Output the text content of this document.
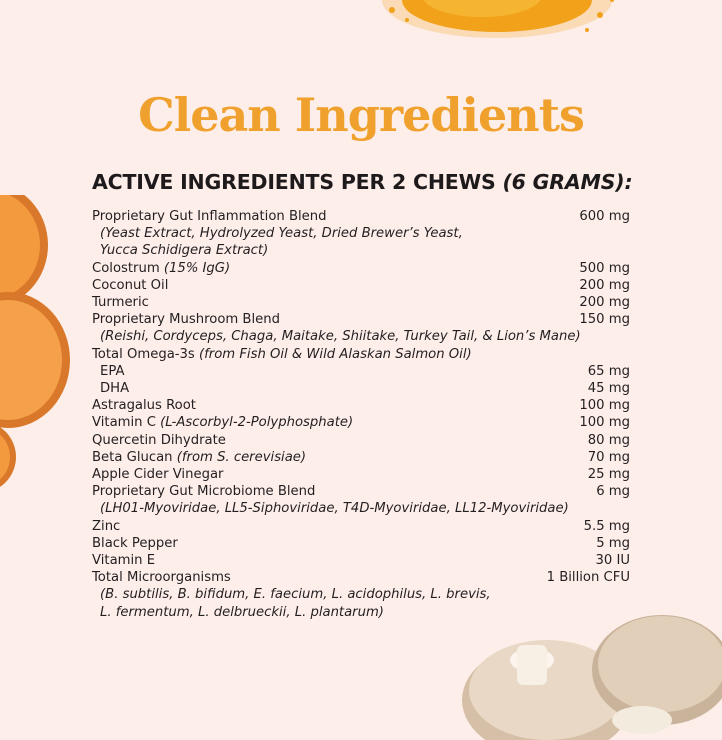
Clean Ingredients
ACTIVE INGREDIENTS PER 2 CHEWS (6 GRAMS):
Proprietary Gut Inflammation Blend	600 mg
(Yeast Extract, Hydrolyzed Yeast, Dried Brewer’s Yeast,
Yucca Schidigera Extract)
Colostrum (15% IgG)	500 mg
Coconut Oil	200 mg
Turmeric	200 mg
Proprietary Mushroom Blend	150 mg
(Reishi, Cordyceps, Chaga, Maitake, Shiitake, Turkey Tail, & Lion’s Mane)
Total Omega-3s (from Fish Oil & Wild Alaskan Salmon Oil)
EPA	65 mg
DHA	45 mg
Astragalus Root	100 mg
Vitamin C (L-Ascorbyl-2-Polyphosphate)	100 mg
Quercetin Dihydrate	80 mg
Beta Glucan (from S. cerevisiae)	70 mg
Apple Cider Vinegar	25 mg
Proprietary Gut Microbiome Blend	6 mg
(LH01-Myoviridae, LL5-Siphoviridae, T4D-Myoviridae, LL12-Myoviridae)
Zinc	5.5 mg
Black Pepper	5 mg
Vitamin E	30 IU
Total Microorganisms	1 Billion CFU
(B. subtilis, B. bifidum, E. faecium, L. acidophilus, L. brevis,
L. fermentum, L. delbrueckii, L. plantarum)
